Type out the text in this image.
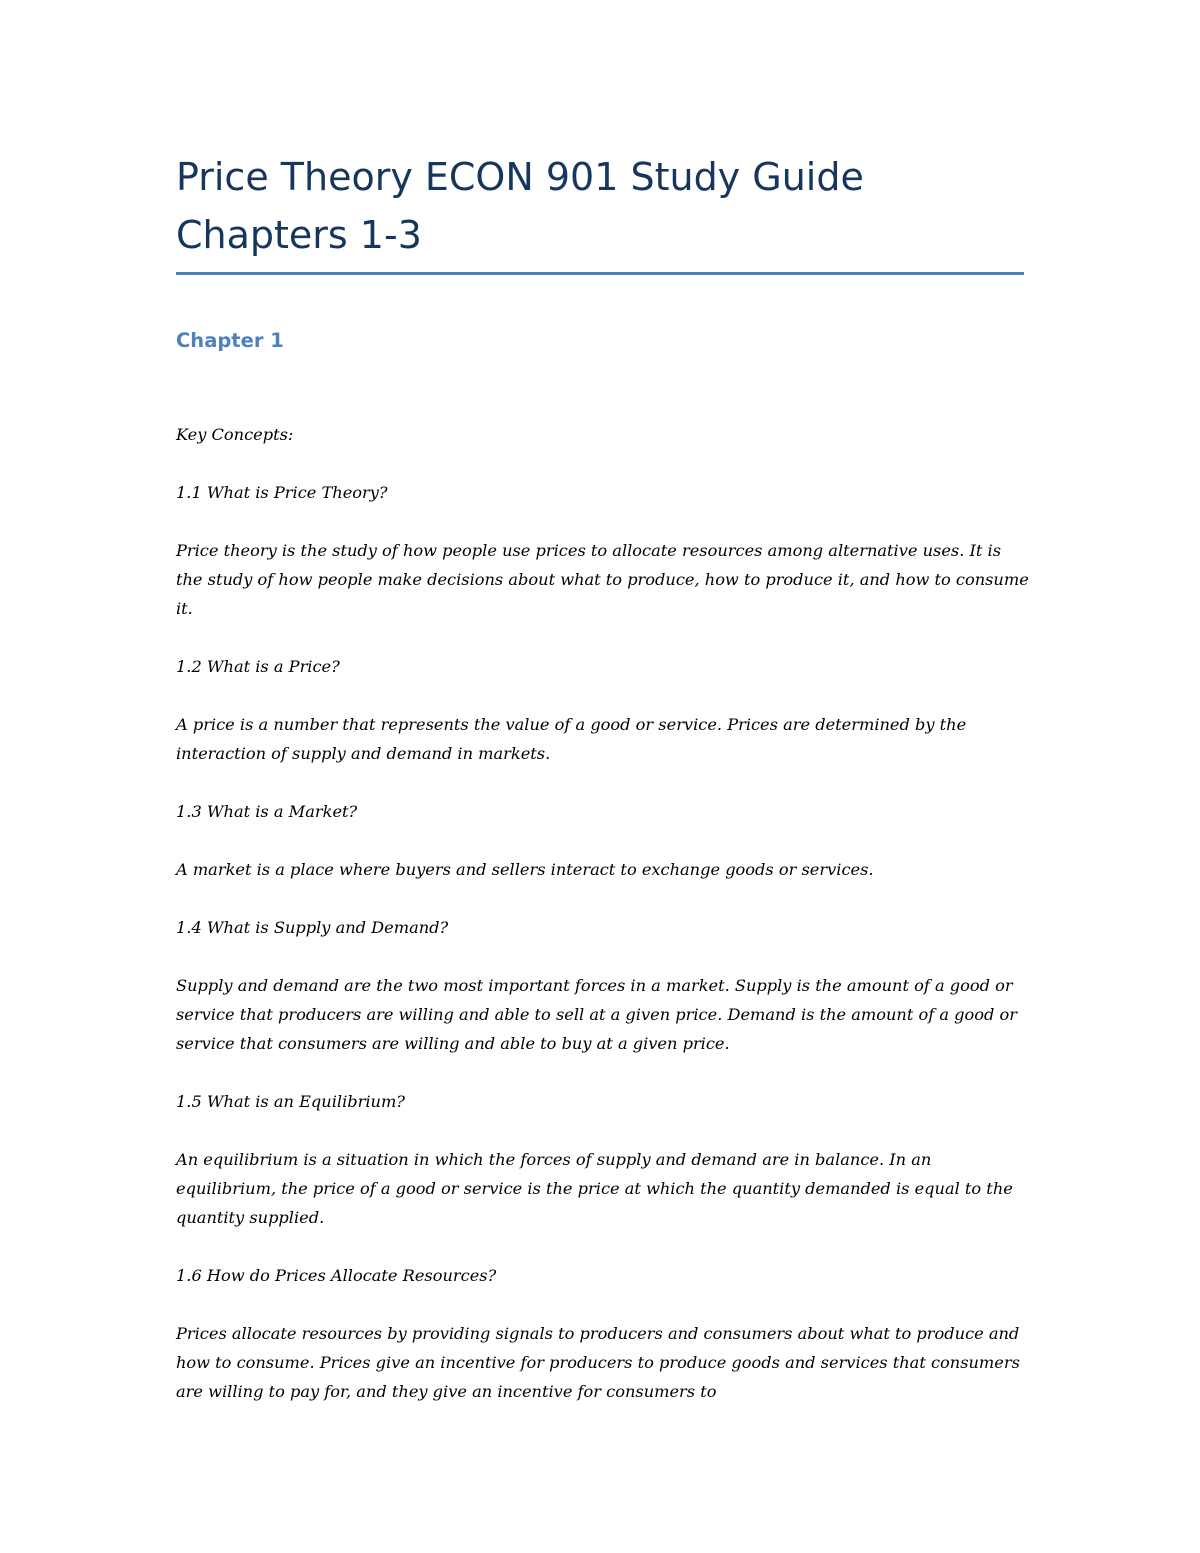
Price Theory ECON 901 Study Guide
Chapters 1-3
Chapter 1

Key Concepts:

1.1 What is Price Theory?

Price theory is the study of how people use prices to allocate resources among alternative uses. It is the study of how people make decisions about what to produce, how to produce it, and how to consume it.

1.2 What is a Price?

A price is a number that represents the value of a good or service. Prices are determined by the interaction of supply and demand in markets.

1.3 What is a Market?

A market is a place where buyers and sellers interact to exchange goods or services.

1.4 What is Supply and Demand?

Supply and demand are the two most important forces in a market. Supply is the amount of a good or service that producers are willing and able to sell at a given price. Demand is the amount of a good or service that consumers are willing and able to buy at a given price.

1.5 What is an Equilibrium?

An equilibrium is a situation in which the forces of supply and demand are in balance. In an equilibrium, the price of a good or service is the price at which the quantity demanded is equal to the quantity supplied.

1.6 How do Prices Allocate Resources?

Prices allocate resources by providing signals to producers and consumers about what to produce and how to consume. Prices give an incentive for producers to produce goods and services that consumers are willing to pay for, and they give an incentive for consumers to
